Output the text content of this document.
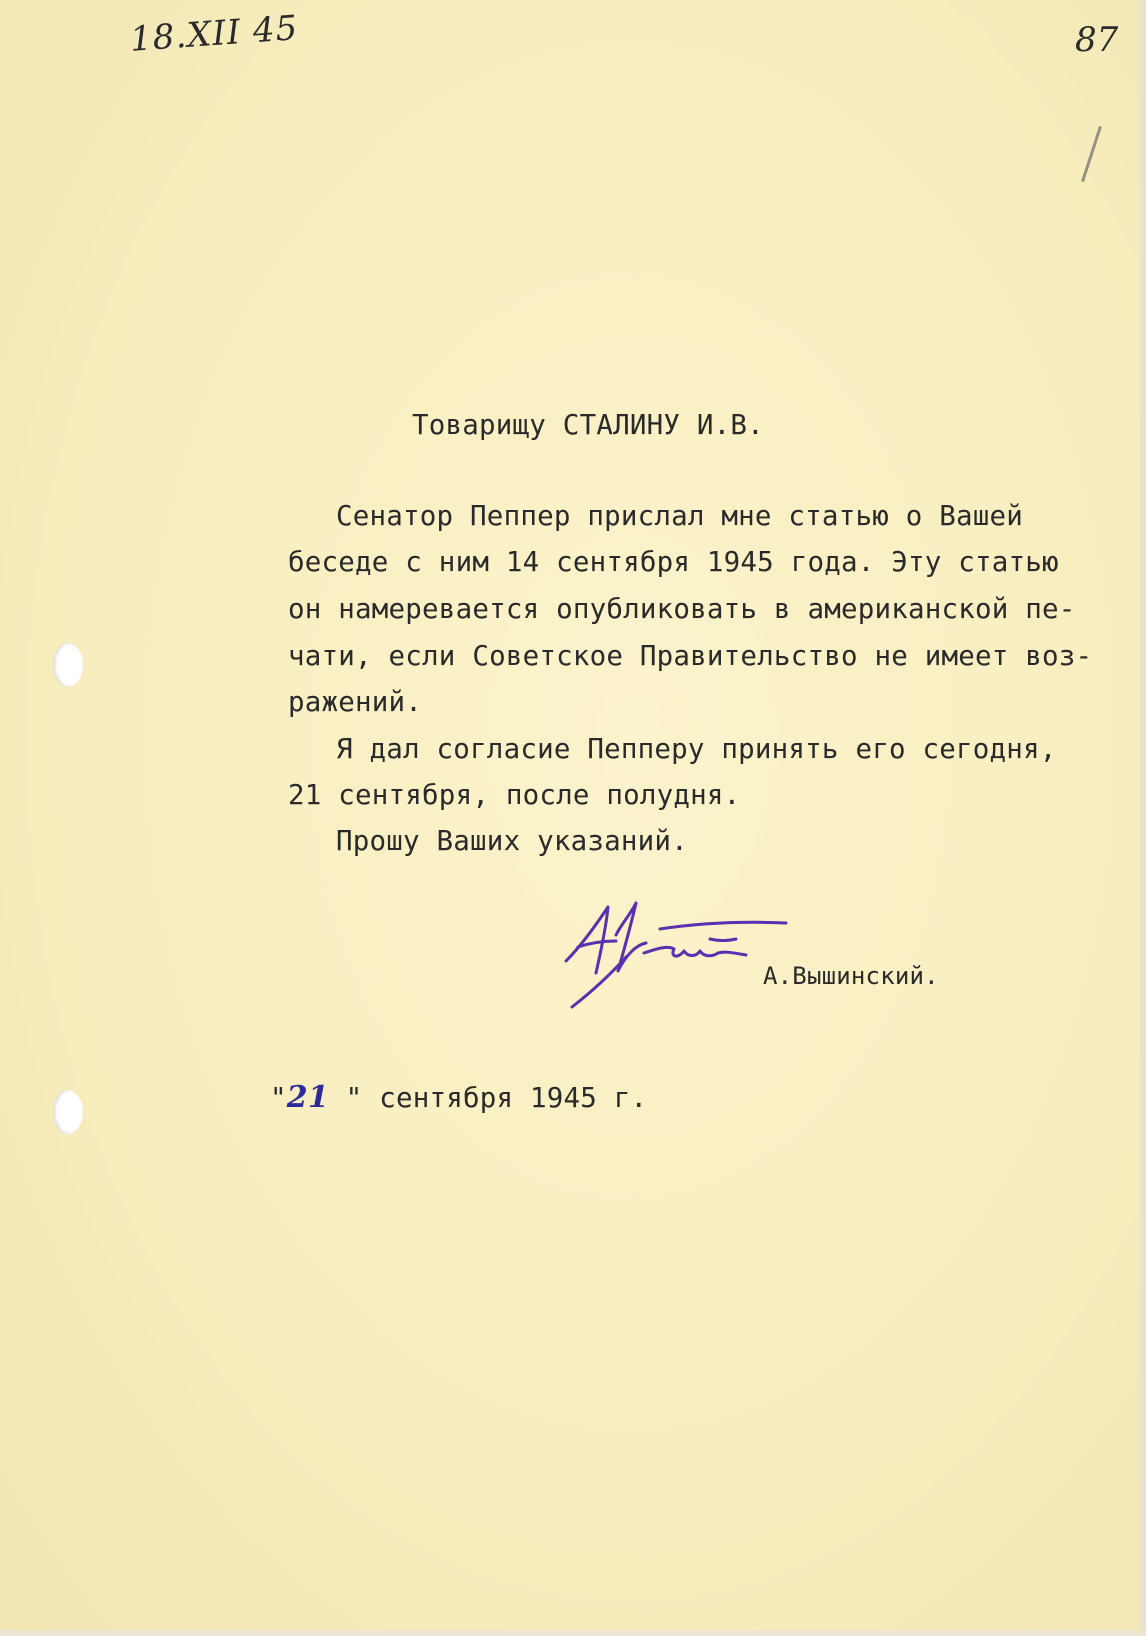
18.XII 45	87
Товарищу СТАЛИНУ И.В.
Сенатор Пеппер прислал мне статью о Вашей
беседе с ним 14 сентября 1945 года. Эту статью
он намеревается опубликовать в американской пе-
чати, если Советское Правительство не имеет воз-
ражений.
Я дал согласие Пепперу принять его сегодня,
21 сентября, после полудня.
Прошу Ваших указаний.
А.Вышинский.
"21 " сентября 1945 г.
